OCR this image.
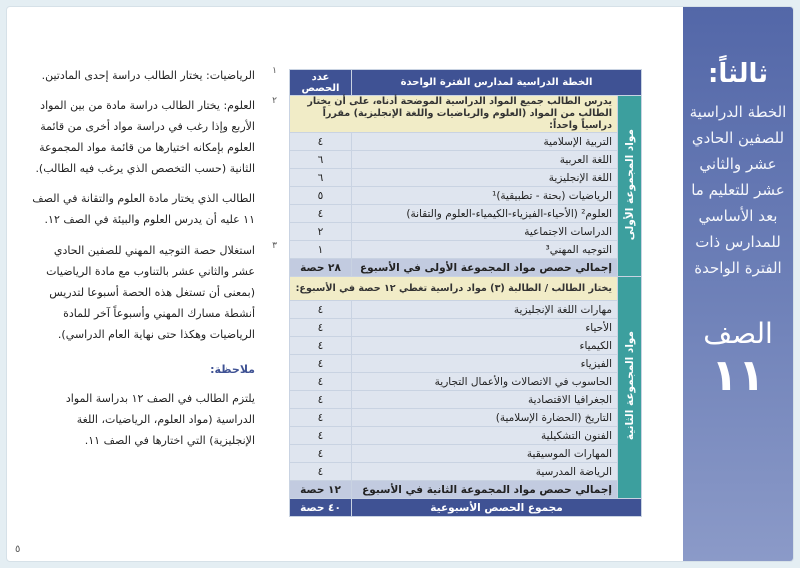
ثالثاً:
الخطة الدراسية للصفين الحادي عشر والثاني عشر للتعليم ما بعد الأساسي للمدارس ذات الفترة الواحدة
الصف
١١
الخطة الدراسية لمدارس الفترة الواحدة		عدد الحصص
مواد المجموعة الأولى	يدرس الطالب جميع المواد الدراسية الموضحة أدناه، على أن يختار الطالب من المواد (العلوم والرياضيات واللغة الإنجليزية) مقرراً دراسياً واحداً:	
	التربية الإسلامية	٤
	اللغة العربية	٦
	اللغة الإنجليزية	٦
	الرياضيات (بحتة - تطبيقية)¹	٥
	العلوم² (الأحياء-الفيزياء-الكيمياء-العلوم والتقانة)	٤
	الدراسات الاجتماعية	٢
	التوجيه المهني³	١
	إجمالي حصص مواد المجموعة الأولى في الأسبوع	٢٨ حصة
مواد المجموعة الثانية	يختار الطالب / الطالبة (٣) مواد دراسية تغطي ١٢ حصة في الأسبوع:	
	مهارات اللغة الإنجليزية	٤
	الأحياء	٤
	الكيمياء	٤
	الفيزياء	٤
	الحاسوب في الاتصالات والأعمال التجارية	٤
	الجغرافيا الاقتصادية	٤
	التاريخ (الحضارة الإسلامية)	٤
	الفنون التشكيلية	٤
	المهارات الموسيقية	٤
	الرياضة المدرسية	٤
	إجمالي حصص مواد المجموعة الثانية في الأسبوع	١٢ حصة
مجموع الحصص الأسبوعية		٤٠ حصة
١
الرياضيات: يختار الطالب دراسة إحدى المادتين.
٢
العلوم: يختار الطالب دراسة مادة من بين المواد الأربع وإذا رغب في دراسة مواد أخرى من قائمة العلوم بإمكانه اختيارها من قائمة مواد المجموعة الثانية (حسب التخصص الذي يرغب فيه الطالب).
الطالب الذي يختار مادة العلوم والتقانة في الصف ١١ عليه أن يدرس العلوم والبيئة في الصف ١٢.
٣
استغلال حصة التوجيه المهني للصفين الحادي عشر والثاني عشر بالتناوب مع مادة الرياضيات (بمعنى أن تستغل هذه الحصة أسبوعا لتدريس أنشطة مسارك المهني وأسبوعاً آخر للمادة الرياضيات وهكذا حتى نهاية العام الدراسي).
ملاحظة:
يلتزم الطالب في الصف ١٢ بدراسة المواد الدراسية (مواد العلوم، الرياضيات، اللغة الإنجليزية) التي اختارها في الصف ١١.
٥
